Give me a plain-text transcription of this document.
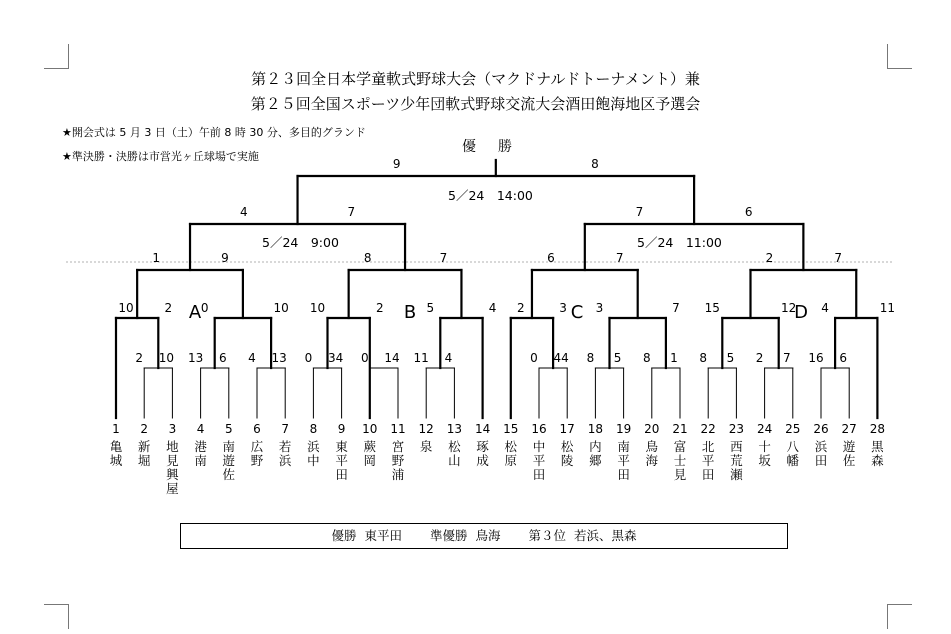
第２３回全日本学童軟式野球大会（マクドナルドトーナメント）兼
第２５回全国スポーツ少年団軟式野球交流大会酒田飽海地区予選会
★開会式は 5 月 3 日（土）午前 8 時 30 分、多目的グランド
★準決勝・決勝は市営光ヶ丘球場で実施
優勝
5／24　14:00
5／24　9:00	5／24　11:00
A	B	C	D
2 10 13 6 4 13 0 34 0 14 11 4	0 44 8 5 8 1 8 5 2 7 16 6
10	2 0	10 10	2	5	4 2	3 3	7 15	12 4	11
1	9	8	7	6	7	2	7
4	7	7	6
9	8
1
亀城
2
新堀
3
地見興屋
4
港南
5
南遊佐
6
広野
7
若浜
8
浜中
9
東平田
10
蕨岡
11
宮野浦
12
泉
13
松山
14
琢成
15
松原
16
中平田
17
松陵
18
内郷
19
南平田
20
鳥海
21
富士見
22
北平田
23
西荒瀬
24
十坂
25
八幡
26
浜田
27
遊佐
28
黒森
優勝 東平田 準優勝 鳥海 第３位 若浜、黒森
